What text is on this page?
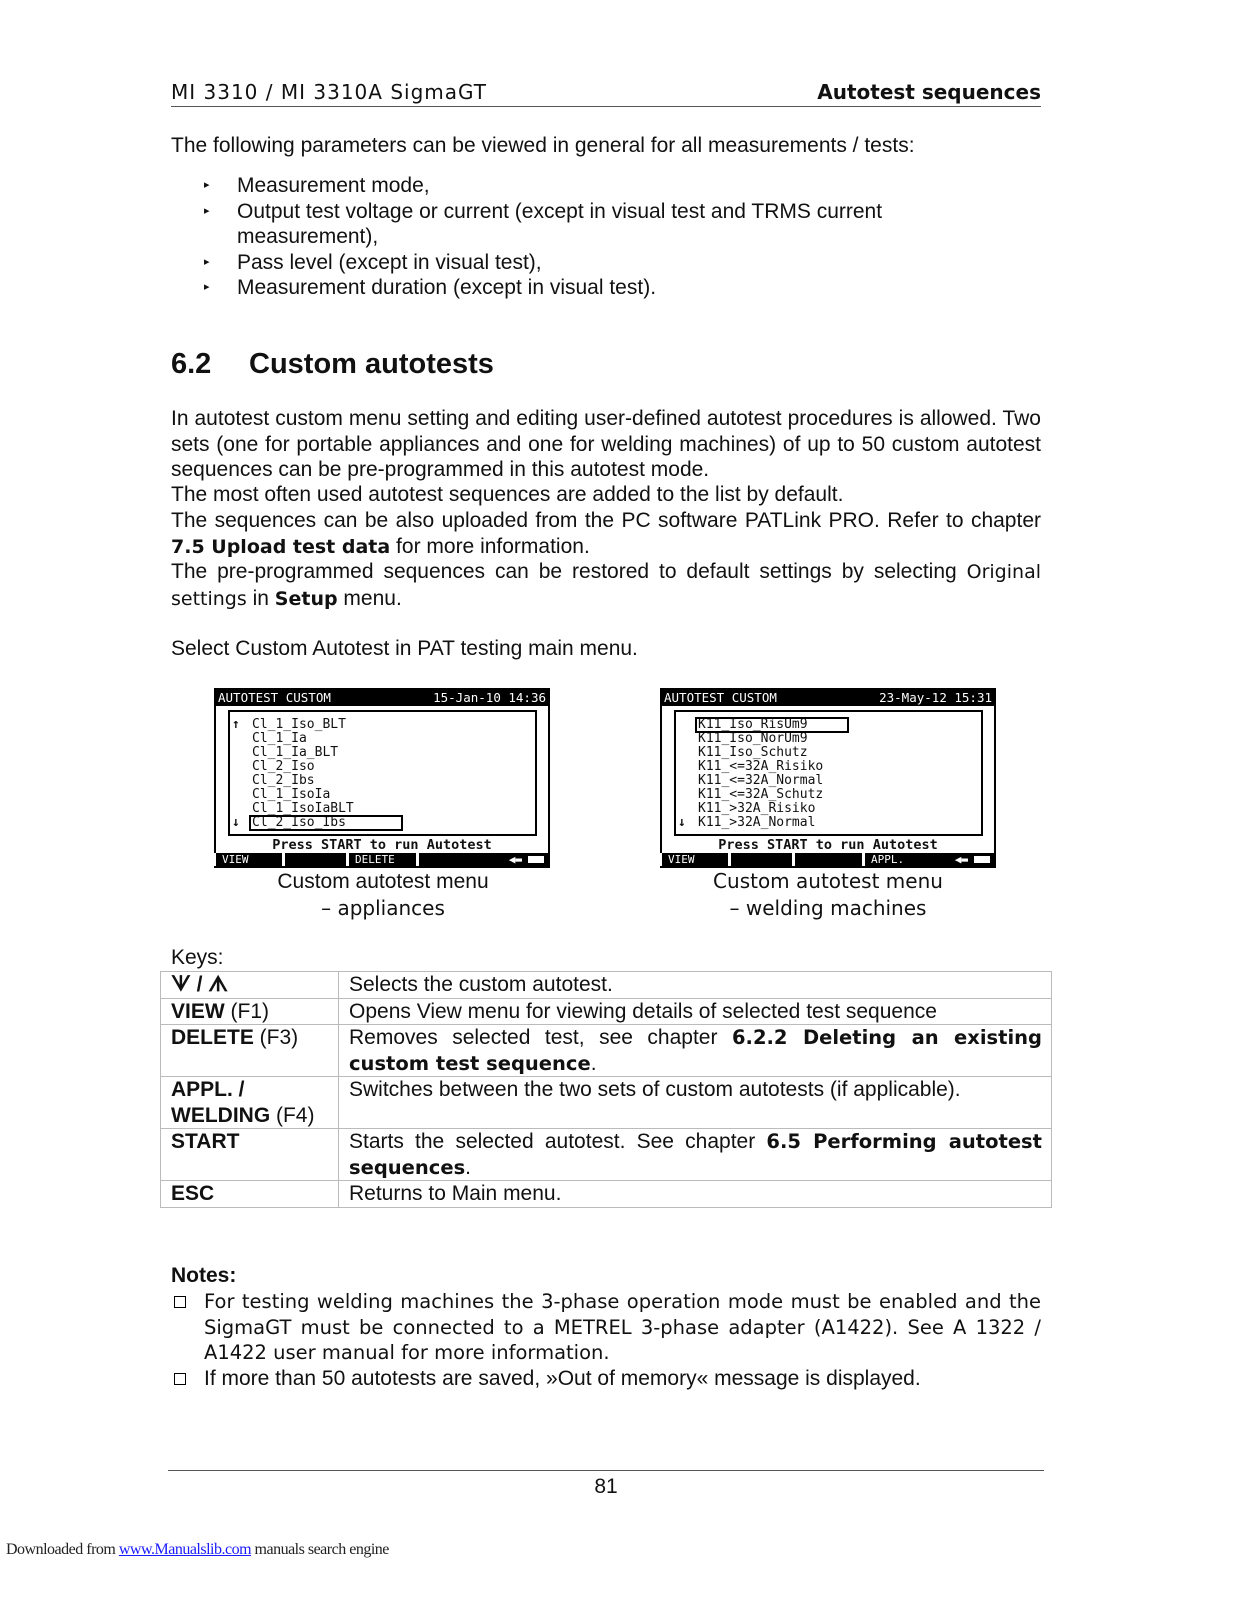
MI 3310 / MI 3310A SigmaGT	Autotest sequences
The following parameters can be viewed in general for all measurements / tests:
▸ Measurement mode,
▸ Output test voltage or current (except in visual test and TRMS current measurement),
▸ Pass level (except in visual test),
▸ Measurement duration (except in visual test).
6.2 Custom autotests
In autotest custom menu setting and editing user-defined autotest procedures is allowed. Two sets (one for portable appliances and one for welding machines) of up to 50 custom autotest sequences can be pre-programmed in this autotest mode.
The most often used autotest sequences are added to the list by default.
The sequences can be also uploaded from the PC software PATLink PRO. Refer to chapter 7.5 Upload test data for more information.
The pre-programmed sequences can be restored to default settings by selecting Original settings in Setup menu.
Select Custom Autotest in PAT testing main menu.
AUTOTEST CUSTOM	15-Jan-10 14:36
↑
↓
Cl_1_Iso_BLT
Cl_1_Ia
Cl_1_Ia_BLT
Cl_2_Iso
Cl_2_Ibs
Cl_1_IsoIa
Cl_1_IsoIaBLT
Cl_2_Iso_Ibs
Press START to run Autotest
VIEW	DELETE	◀▬
Custom autotest menu
– appliances
AUTOTEST CUSTOM	23-May-12 15:31
↓
K11_Iso_RisUm9
K11_Iso_NorUm9
K11_Iso_Schutz
K11_<=32A_Risiko
K11_<=32A_Normal
K11_<=32A_Schutz
K11_>32A_Risiko
K11_>32A_Normal
Press START to run Autotest
VIEW	APPL.	◀▬
Custom autotest menu
– welding machines
Keys:
ᗐ / ᗑ	Selects the custom autotest.
VIEW (F1)	Opens View menu for viewing details of selected test sequence
DELETE (F3)	Removes selected test, see chapter 6.2.2 Deleting an existing custom test sequence.
APPL. / WELDING (F4)	Switches between the two sets of custom autotests (if applicable).
START	Starts the selected autotest. See chapter 6.5 Performing autotest sequences.
ESC	Returns to Main menu.
Notes:
For testing welding machines the 3-phase operation mode must be enabled and the SigmaGT must be connected to a METREL 3-phase adapter (A1422). See A 1322 / A1422 user manual for more information.
If more than 50 autotests are saved, »Out of memory« message is displayed.
81
Downloaded from www.Manualslib.com manuals search engine
